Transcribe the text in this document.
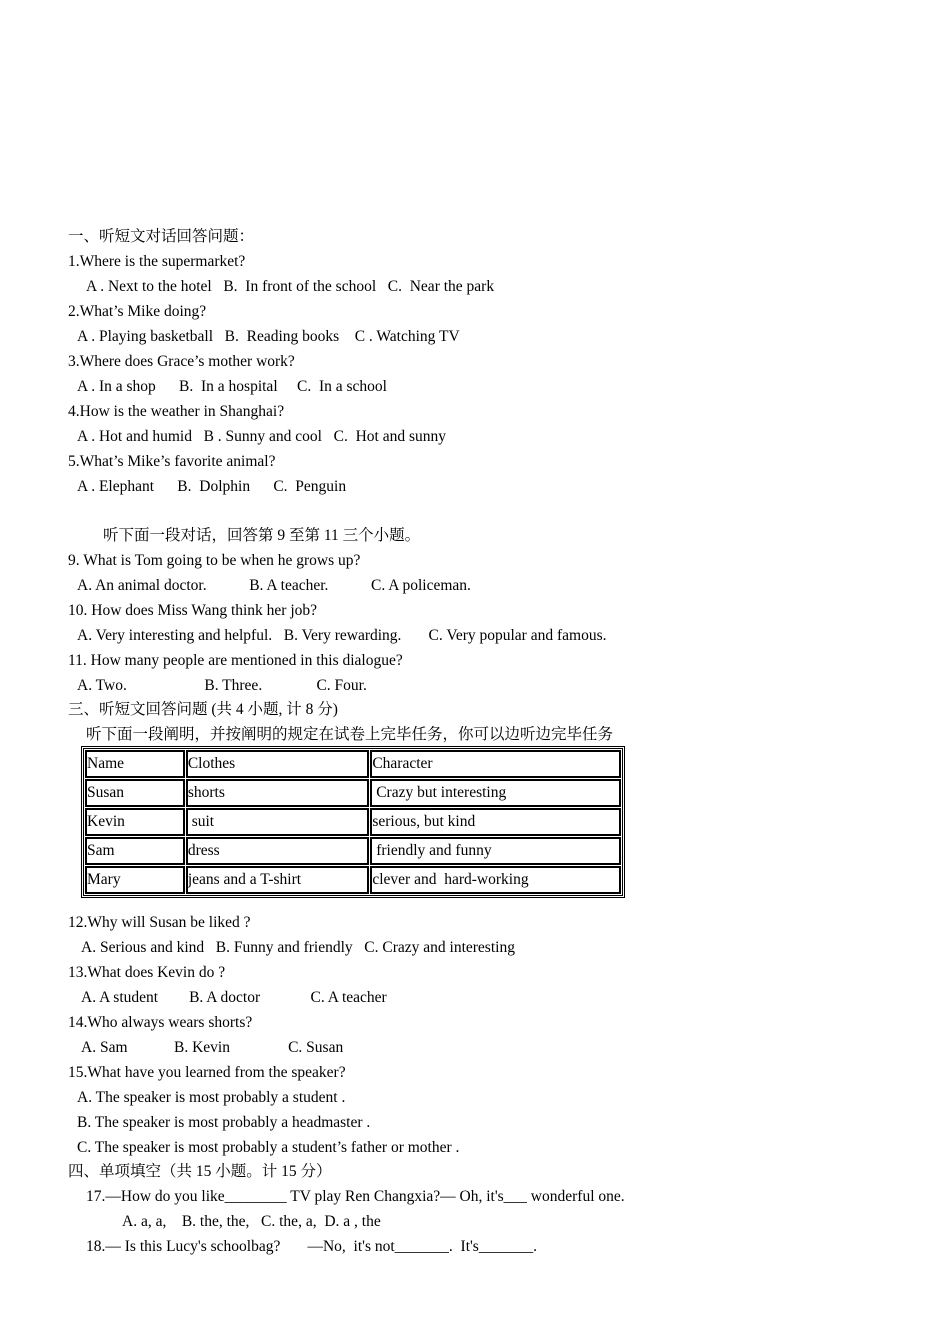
一、听短文对话回答问题：
1.Where is the supermarket?
A . Next to the hotel   B.  In front of the school   C.  Near the park
2.What’s Mike doing?
A . Playing basketball   B.  Reading books    C . Watching TV
3.Where does Grace’s mother work?
A . In a shop      B.  In a hospital     C.  In a school
4.How is the weather in Shanghai?
A . Hot and humid   B . Sunny and cool   C.  Hot and sunny
5.What’s Mike’s favorite animal?
A . Elephant      B.  Dolphin      C.  Penguin
听下面一段对话，回答第 9 至第 11 三个小题。
9. What is Tom going to be when he grows up?
A. An animal doctor.           B. A teacher.           C. A policeman.
10. How does Miss Wang think her job?
A. Very interesting and helpful.   B. Very rewarding.       C. Very popular and famous.
11. How many people are mentioned in this dialogue?
A. Two.                    B. Three.              C. Four.
三、听短文回答问题 (共 4 小题, 计 8 分)
听下面一段阐明，并按阐明的规定在试卷上完毕任务，你可以边听边完毕任务
Name	Clothes	Character
Susan	shorts	Crazy but interesting
Kevin	suit	serious, but kind
Sam	dress	friendly and funny
Mary	jeans and a T-shirt	clever and  hard-working
12.Why will Susan be liked ?
A. Serious and kind   B. Funny and friendly   C. Crazy and interesting
13.What does Kevin do ?
A. A student        B. A doctor             C. A teacher
14.Who always wears shorts?
A. Sam            B. Kevin               C. Susan
15.What have you learned from the speaker?
A. The speaker is most probably a student .
B. The speaker is most probably a headmaster .
C. The speaker is most probably a student’s father or mother .
四、单项填空（共 15 小题。计 15 分）
17.—How do you like________ TV play Ren Changxia?— Oh, it's___ wonderful one.
A. a, a,    B. the, the,   C. the, a,  D. a , the
18.— Is this Lucy's schoolbag?       —No,  it's not_______.  It's_______.
